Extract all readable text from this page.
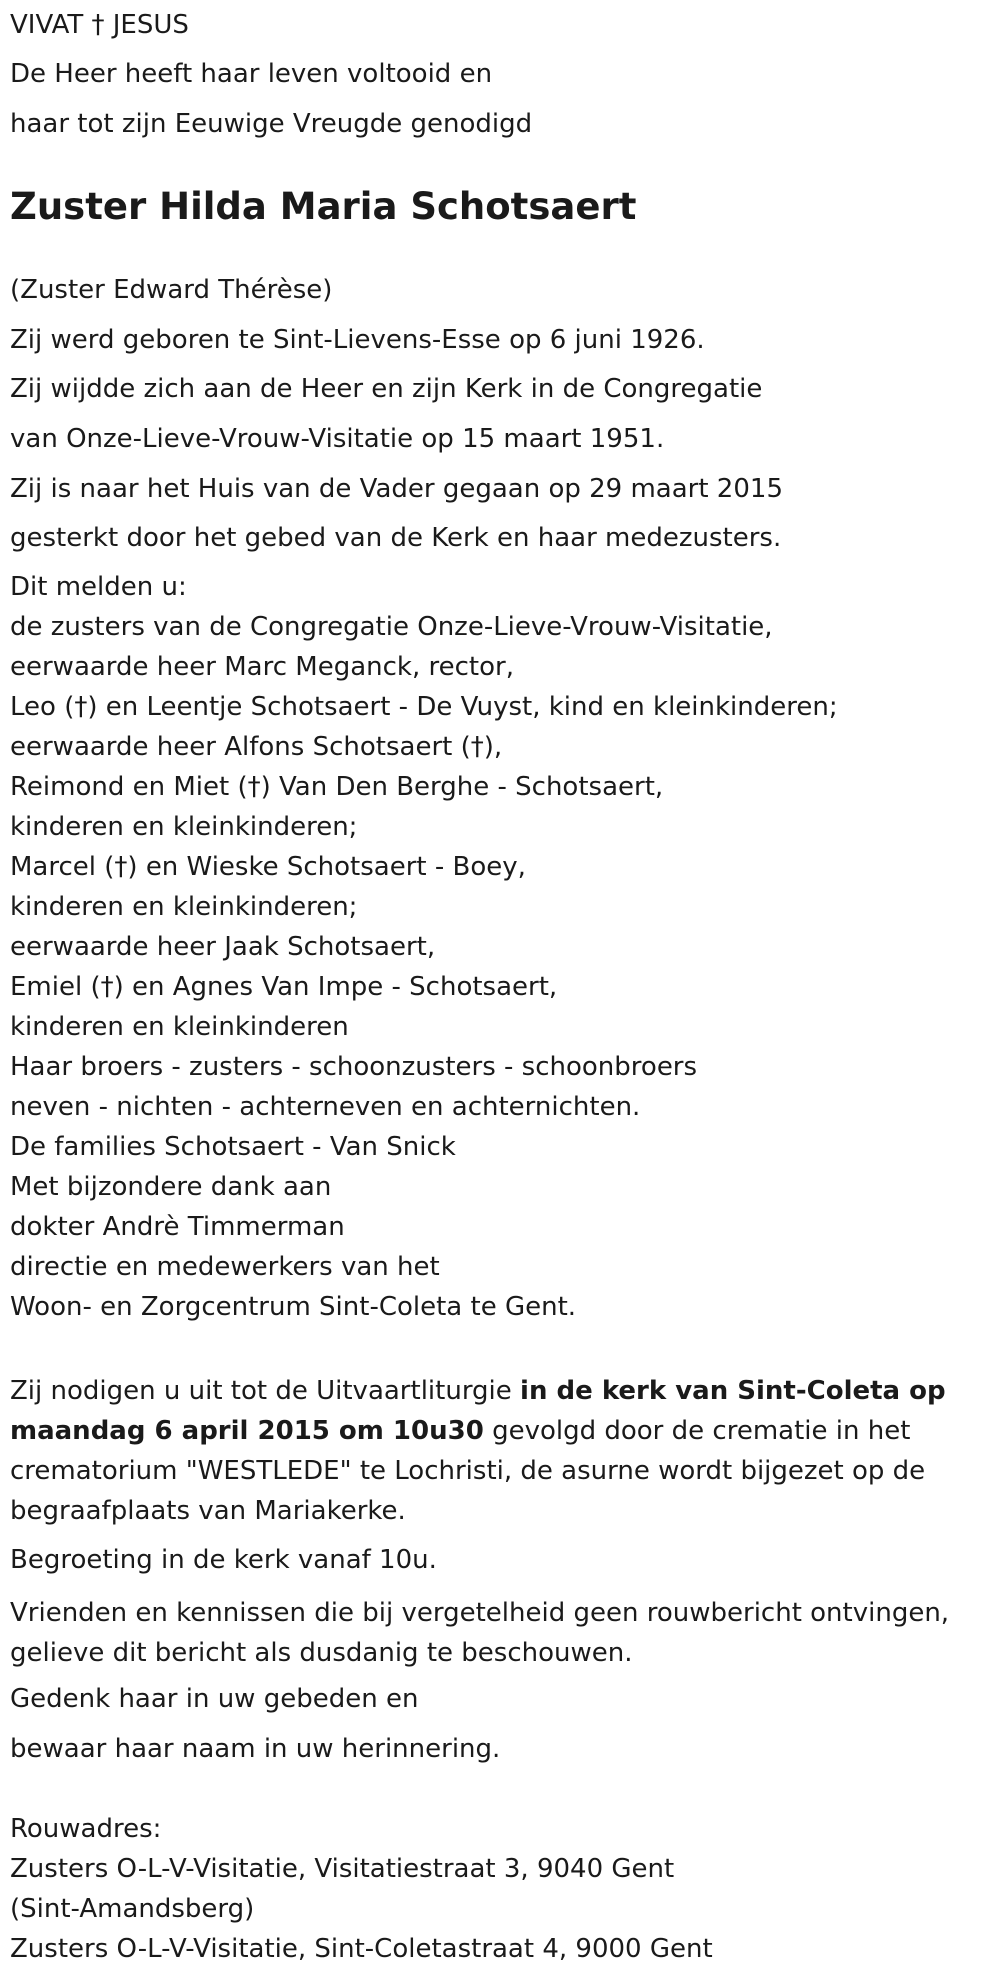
VIVAT † JESUS
De Heer heeft haar leven voltooid en
haar tot zijn Eeuwige Vreugde genodigd
Zuster Hilda Maria Schotsaert
(Zuster Edward Thérèse)
Zij werd geboren te Sint-Lievens-Esse op 6 juni 1926.
Zij wijdde zich aan de Heer en zijn Kerk in de Congregatie
van Onze-Lieve-Vrouw-Visitatie op 15 maart 1951.
Zij is naar het Huis van de Vader gegaan op 29 maart 2015
gesterkt door het gebed van de Kerk en haar medezusters.
Dit melden u:
de zusters van de Congregatie Onze-Lieve-Vrouw-Visitatie,
eerwaarde heer Marc Meganck, rector,
Leo (†) en Leentje Schotsaert - De Vuyst, kind en kleinkinderen;
eerwaarde heer Alfons Schotsaert (†),
Reimond en Miet (†) Van Den Berghe - Schotsaert,
kinderen en kleinkinderen;
Marcel (†) en Wieske Schotsaert - Boey,
kinderen en kleinkinderen;
eerwaarde heer Jaak Schotsaert,
Emiel (†) en Agnes Van Impe - Schotsaert,
kinderen en kleinkinderen
Haar broers - zusters - schoonzusters - schoonbroers
neven - nichten - achterneven en achternichten.
De families Schotsaert - Van Snick
Met bijzondere dank aan
dokter Andrè Timmerman
directie en medewerkers van het
Woon- en Zorgcentrum Sint-Coleta te Gent.
Zij nodigen u uit tot de Uitvaartliturgie in de kerk van Sint-Coleta op maandag 6 april 2015 om 10u30 gevolgd door de crematie in het crematorium "WESTLEDE" te Lochristi, de asurne wordt bijgezet op de begraafplaats van Mariakerke.
Begroeting in de kerk vanaf 10u.
Vrienden en kennissen die bij vergetelheid geen rouwbericht ontvingen, gelieve dit bericht als dusdanig te beschouwen.
Gedenk haar in uw gebeden en
bewaar haar naam in uw herinnering.
Rouwadres:
Zusters O-L-V-Visitatie, Visitatiestraat 3, 9040 Gent
(Sint-Amandsberg)
Zusters O-L-V-Visitatie, Sint-Coletastraat 4, 9000 Gent
